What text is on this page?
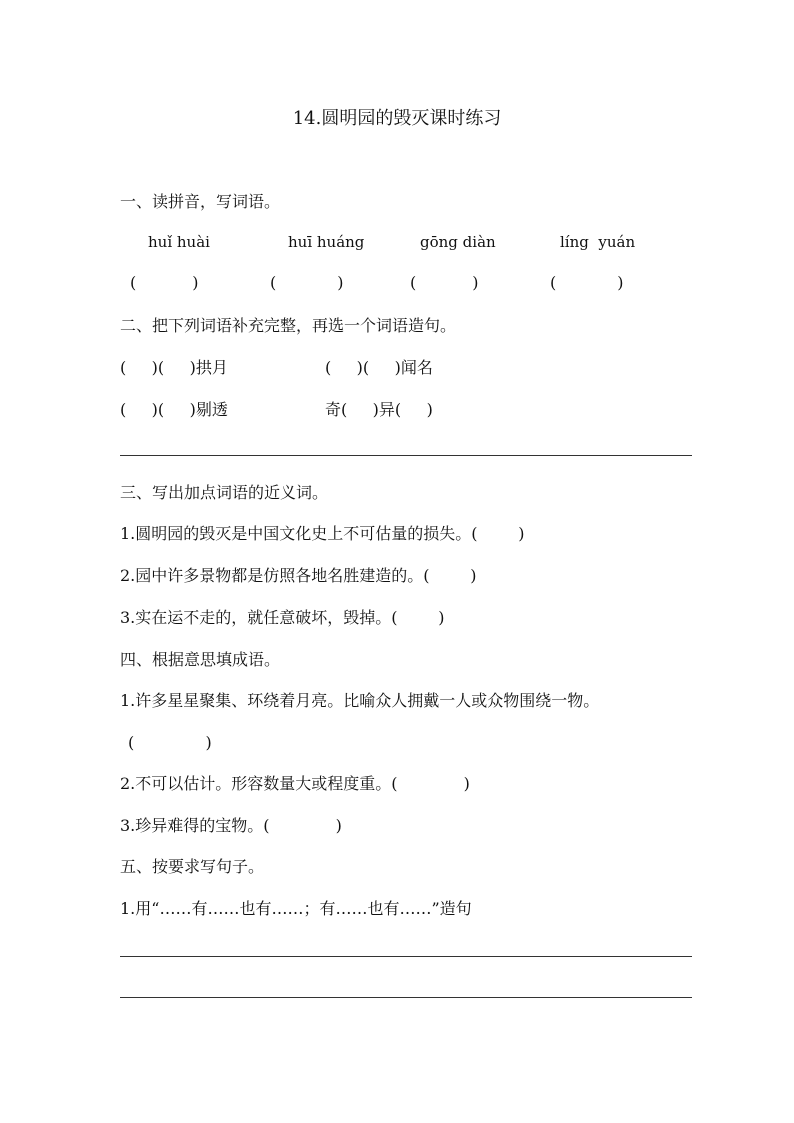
14.圆明园的毁灭课时练习
一、读拼音，写词语。
huǐ huài	huī huáng	gōng diàn	líng  yuán
(           )	(            )	(           )	(            )
二、把下列词语补充完整，再选一个词语造句。
(     )(     )拱月	(     )(     )闻名
(     )(     )剔透	奇(     )异(     )
三、写出加点词语的近义词。
1.圆明园的毁灭是中国文化史上不可估量的损失。(        )
2.园中许多景物都是仿照各地名胜建造的。(        )
3.实在运不走的，就任意破坏，毁掉。(        )
四、根据意思填成语。
1.许多星星聚集、环绕着月亮。比喻众人拥戴一人或众物围绕一物。
(              )
2.不可以估计。形容数量大或程度重。(             )
3.珍异难得的宝物。(             )
五、按要求写句子。
1.用“……有……也有……；有……也有……”造句
